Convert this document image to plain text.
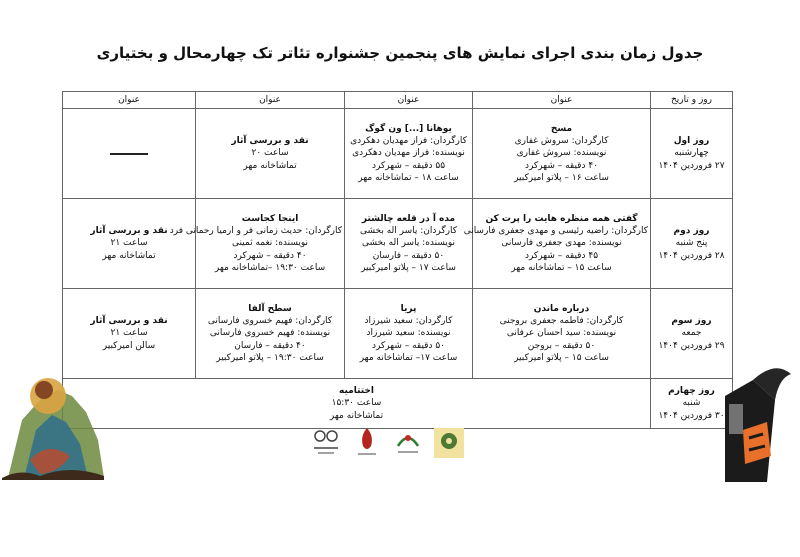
جدول زمان بندی اجرای نمایش های پنجمین جشنواره تئاتر تک چهارمحال و بختیاری
روز و تاریخ	عنوان	عنوان	عنوان	عنوان

روز اول
چهارشنبه
۲۷ فروردین ۱۴۰۴	مسخ
کارگردان: سروش غفاری
نویسنده: سروش غفاری
۴۰ دقیقه – شهرکرد
ساعت ۱۶ – پلاتو امیرکبیر	یوهانا [...] ون گوگ
کارگردان: فراز مهدیان دهکردی
نویسنده: فراز مهدیان دهکردی
۵۵ دقیقه – شهرکرد
ساعت ۱۸ – تماشاخانه مهر	نقد و بررسی آثار
ساعت ۲۰
تماشاخانه مهر	

روز دوم
پنج شنبه
۲۸ فروردین ۱۴۰۴	گفتی همه منظره هایت را پرت کن
کارگردان: راضیه رئیسی و مهدی جعفری فارسانی
نویسنده: مهدی جعفری فارسانی
۴۵ دقیقه – شهرکرد
ساعت ۱۵ – تماشاخانه مهر	مده آ در قلعه چالشتر
کارگردان: یاسر اله بخشی
نویسنده: یاسر اله بخشی
۵۰ دقیقه – فارسان
ساعت ۱۷ – پلاتو امیرکبیر	اینجا کجاست
کارگردان: حدیث زمانی فر و ارمیا رحمانی فرد
نویسنده: نغمه ثمینی
۴۰ دقیقه – شهرکرد
ساعت ۱۹:۳۰ –تماشاخانه مهر	نقد و بررسی آثار
ساعت ۲۱
تماشاخانه مهر

روز سوم
جمعه
۲۹ فروردین ۱۴۰۴	درباره ماندن
کارگردان: فاطمه جعفری بروجنی
نویسنده: سید احسان عرفانی
۵۰ دقیقه – بروجن
ساعت ۱۵ – پلاتو امیرکبیر	پریا
کارگردان: سعید شیرزاد
نویسنده: سعید شیرزاد
۵۰ دقیقه – شهرکرد
ساعت ۱۷– تماشاخانه مهر	سطح آلفا
کارگردان: فهیم خسروی فارسانی
نویسنده: فهیم خسروی فارسانی
۴۰ دقیقه – فارسان
ساعت ۱۹:۳۰ – پلاتو امیرکبیر	نقد و بررسی آثار
ساعت ۲۱
سالن امیرکبیر

روز چهارم
شنبه
۳۰ فروردین ۱۴۰۴	اختتامیه
ساعت ۱۵:۳۰
تماشاخانه مهر			
